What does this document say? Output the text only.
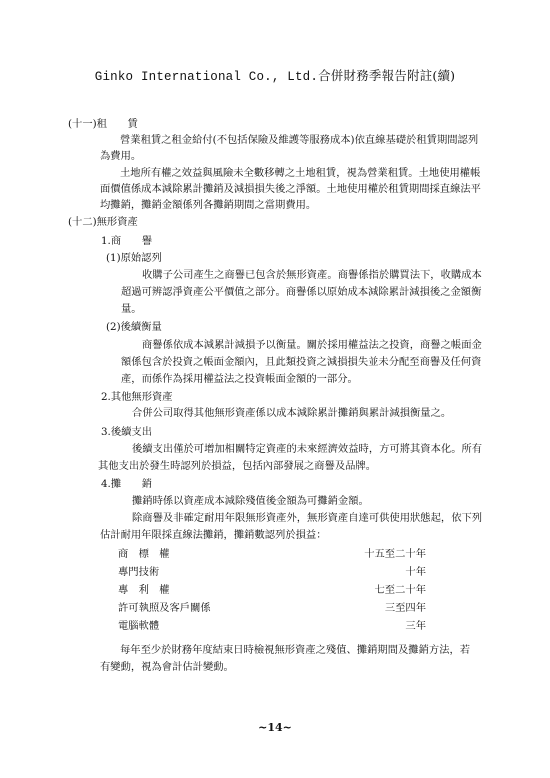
Ginko International Co., Ltd.合併財務季報告附註(續)
(十一)租　　賃
營業租賃之租金給付(不包括保險及維護等服務成本)依直線基礎於租賃期間認列
為費用。
土地所有權之效益與風險未全數移轉之土地租賃，視為營業租賃。土地使用權帳
面價值係成本減除累計攤銷及減損損失後之淨額。土地使用權於租賃期間採直線法平
均攤銷，攤銷金額係列各攤銷期間之當期費用。
(十二)無形資產
1.商　　譽
(1)原始認列
收購子公司產生之商譽已包含於無形資產。商譽係指於購買法下，收購成本
超過可辨認淨資產公平價值之部分。商譽係以原始成本減除累計減損後之金額衡
量。
(2)後續衡量
商譽係依成本減累計減損予以衡量。關於採用權益法之投資，商譽之帳面金
額係包含於投資之帳面金額內，且此類投資之減損損失並未分配至商譽及任何資
產，而係作為採用權益法之投資帳面金額的一部分。
2.其他無形資產
合併公司取得其他無形資產係以成本減除累計攤銷與累計減損衡量之。
3.後續支出
後續支出僅於可增加相關特定資產的未來經濟效益時，方可將其資本化。所有
其他支出於發生時認列於損益，包括內部發展之商譽及品牌。
4.攤　　銷
攤銷時係以資產成本減除殘值後金額為可攤銷金額。
除商譽及非確定耐用年限無形資產外，無形資產自達可供使用狀態起，依下列
估計耐用年限採直線法攤銷，攤銷數認列於損益：
商　標　權	十五至二十年
專門技術	十年
專　利　權	七至二十年
許可執照及客戶關係	三至四年
電腦軟體	三年
每年至少於財務年度結束日時檢視無形資產之殘值、攤銷期間及攤銷方法，若
有變動，視為會計估計變動。
~14~
